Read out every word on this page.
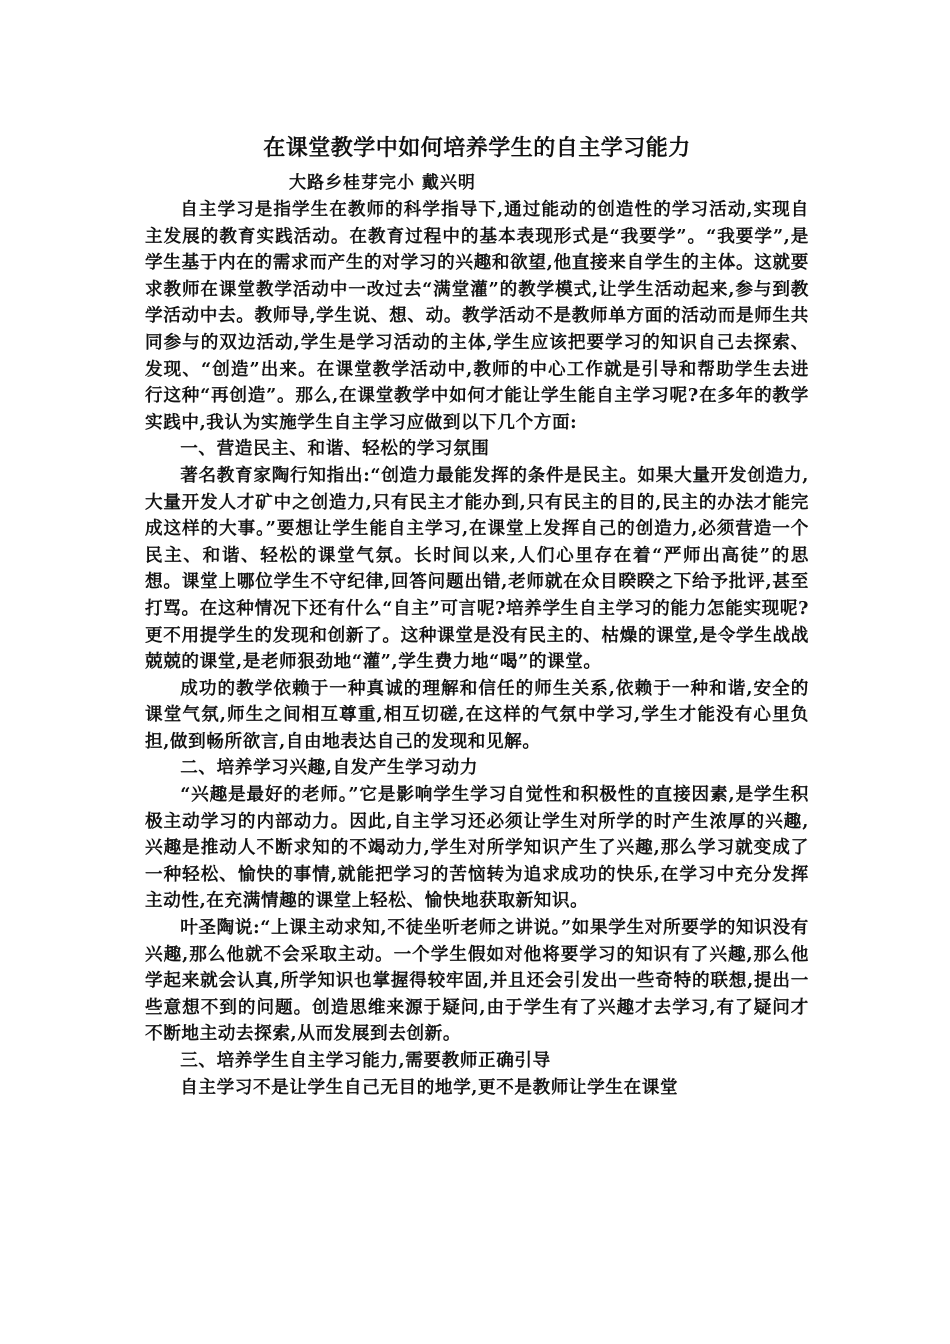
在课堂教学中如何培养学生的自主学习能力
大路乡桂芽完小 戴兴明

自主学习是指学生在教师的科学指导下,通过能动的创造性的学习活动,实现自主发展的教育实践活动。在教育过程中的基本表现形式是“我要学”。“我要学”,是学生基于内在的需求而产生的对学习的兴趣和欲望,他直接来自学生的主体。这就要求教师在课堂教学活动中一改过去“满堂灌”的教学模式,让学生活动起来,参与到教学活动中去。教师导,学生说、想、动。教学活动不是教师单方面的活动而是师生共同参与的双边活动,学生是学习活动的主体,学生应该把要学习的知识自己去探索、发现、“创造”出来。在课堂教学活动中,教师的中心工作就是引导和帮助学生去进行这种“再创造”。那么,在课堂教学中如何才能让学生能自主学习呢?在多年的教学实践中,我认为实施学生自主学习应做到以下几个方面:

一、营造民主、和谐、轻松的学习氛围

著名教育家陶行知指出:“创造力最能发挥的条件是民主。如果大量开发创造力,大量开发人才矿中之创造力,只有民主才能办到,只有民主的目的,民主的办法才能完成这样的大事。”要想让学生能自主学习,在课堂上发挥自己的创造力,必须营造一个民主、和谐、轻松的课堂气氛。长时间以来,人们心里存在着“严师出高徒”的思想。课堂上哪位学生不守纪律,回答问题出错,老师就在众目睽睽之下给予批评,甚至打骂。在这种情况下还有什么“自主”可言呢?培养学生自主学习的能力怎能实现呢?更不用提学生的发现和创新了。这种课堂是没有民主的、枯燥的课堂,是令学生战战兢兢的课堂,是老师狠劲地“灌”,学生费力地“喝”的课堂。

成功的教学依赖于一种真诚的理解和信任的师生关系,依赖于一种和谐,安全的课堂气氛,师生之间相互尊重,相互切磋,在这样的气氛中学习,学生才能没有心里负担,做到畅所欲言,自由地表达自己的发现和见解。

二、培养学习兴趣,自发产生学习动力

“兴趣是最好的老师。”它是影响学生学习自觉性和积极性的直接因素,是学生积极主动学习的内部动力。因此,自主学习还必须让学生对所学的时产生浓厚的兴趣,兴趣是推动人不断求知的不竭动力,学生对所学知识产生了兴趣,那么学习就变成了一种轻松、愉快的事情,就能把学习的苦恼转为追求成功的快乐,在学习中充分发挥主动性,在充满情趣的课堂上轻松、愉快地获取新知识。

叶圣陶说:“上课主动求知,不徒坐听老师之讲说。”如果学生对所要学的知识没有兴趣,那么他就不会采取主动。一个学生假如对他将要学习的知识有了兴趣,那么他学起来就会认真,所学知识也掌握得较牢固,并且还会引发出一些奇特的联想,提出一些意想不到的问题。创造思维来源于疑问,由于学生有了兴趣才去学习,有了疑问才不断地主动去探索,从而发展到去创新。

三、培养学生自主学习能力,需要教师正确引导

自主学习不是让学生自己无目的地学,更不是教师让学生在课堂
